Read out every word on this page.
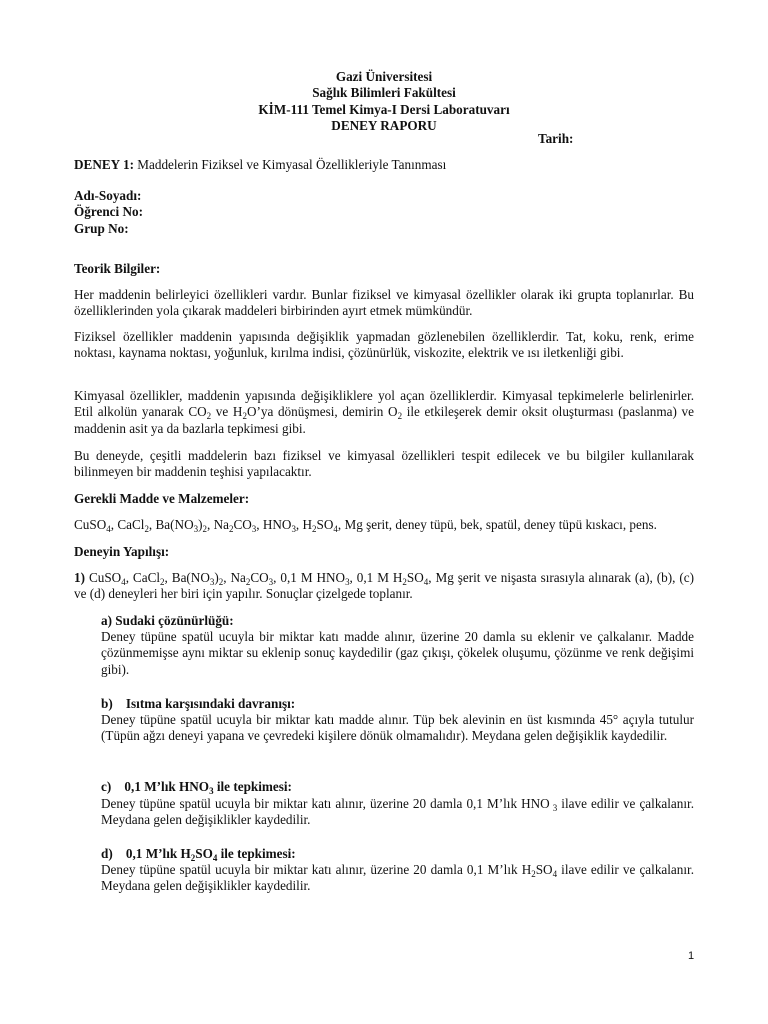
Gazi Üniversitesi
Sağlık Bilimleri Fakültesi
KİM-111 Temel Kimya-I Dersi Laboratuvarı
DENEY RAPORU
Tarih:
DENEY 1: Maddelerin Fiziksel ve Kimyasal Özellikleriyle Tanınması
Adı-Soyadı:
Öğrenci No:
Grup No:
Teorik Bilgiler:
Her maddenin belirleyici özellikleri vardır. Bunlar fiziksel ve kimyasal özellikler olarak iki grupta toplanırlar. Bu özelliklerinden yola çıkarak maddeleri birbirinden ayırt etmek mümkündür.
Fiziksel özellikler maddenin yapısında değişiklik yapmadan gözlenebilen özelliklerdir. Tat, koku, renk, erime noktası, kaynama noktası, yoğunluk, kırılma indisi, çözünürlük, viskozite, elektrik ve ısı iletkenliği gibi.
Kimyasal özellikler, maddenin yapısında değişikliklere yol açan özelliklerdir. Kimyasal tepkimelerle belirlenirler. Etil alkolün yanarak $CO_2$ ve $H_2O’ya$ dönüşmesi, demirin $O_2$ ile etkileşerek demir oksit oluşturması (paslanma) ve maddenin asit ya da bazlarla tepkimesi gibi.
Bu deneyde, çeşitli maddelerin bazı fiziksel ve kimyasal özellikleri tespit edilecek ve bu bilgiler kullanılarak bilinmeyen bir maddenin teşhisi yapılacaktır.
Gerekli Madde ve Malzemeler:
CuSO$_4$, CaCl$_2$, $Ba(NO_3)_2$, $Na_2CO_3$, $HNO_3$, $H_2SO_4$, Mg şerit, deney tüpü, bek, spatül, deney tüpü kıskacı, pens.
Deneyin Yapılışı:
1) CuSO$_4$, CaCl$_2$, $Ba(NO_3)_2$, $Na_2CO_3$, 0,1 M $HNO_3$, 0,1 M $H_2SO_4$, Mg şerit ve nişasta sırasıyla alınarak (a), (b), (c) ve (d) deneyleri her biri için yapılır. Sonuçlar çizelgede toplanır.
a) Sudaki çözünürlüğü:
Deney tüpüne spatül ucuyla bir miktar katı madde alınır, üzerine 20 damla su eklenir ve çalkalanır. Madde çözünmemişse aynı miktar su eklenip sonuç kaydedilir (gaz çıkışı, çökelek oluşumu, çözünme ve renk değişimi gibi).
b)    Isıtma karşısındaki davranışı:
Deney tüpüne spatül ucuyla bir miktar katı madde alınır. Tüp bek alevinin en üst kısmında 45° açıyla tutulur (Tüpün ağzı deneyi yapana ve çevredeki kişilere dönük olmamalıdır). Meydana gelen değişiklik kaydedilir.
c)    0,1 M’lık $HNO_3$ ile tepkimesi:
Deney tüpüne spatül ucuyla bir miktar katı alınır, üzerine 20 damla 0,1 M’lık HNO $_3$ ilave edilir ve çalkalanır. Meydana gelen değişiklikler kaydedilir.
d)    0,1 M’lık $H_2SO_4$ ile tepkimesi:
Deney tüpüne spatül ucuyla bir miktar katı alınır, üzerine 20 damla 0,1 M’lık $H_2SO_4$ ilave edilir ve çalkalanır. Meydana gelen değişiklikler kaydedilir.
1
